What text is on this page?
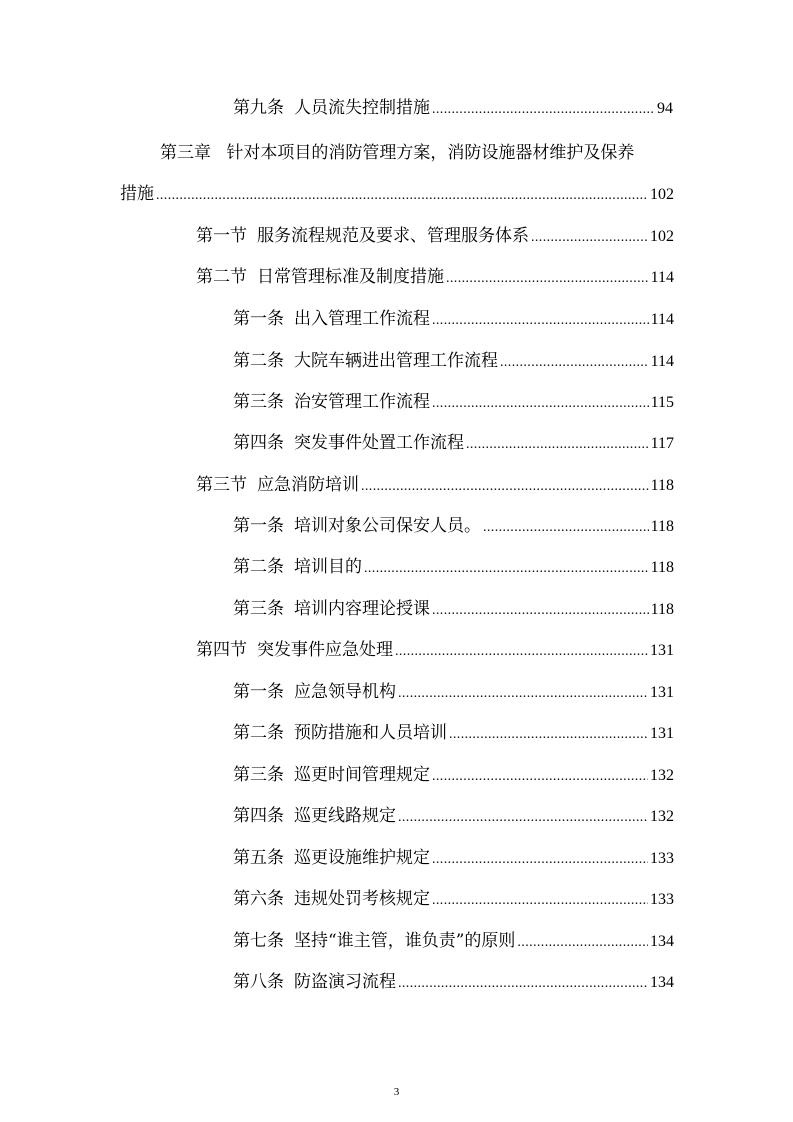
第九条 人员流失控制措施 .....	94
第三章 针对本项目的消防管理方案，消防设施器材维护及保养
措施 .....	102
第一节 服务流程规范及要求、管理服务体系 .....	102
第二节 日常管理标准及制度措施 .....	114
第一条 出入管理工作流程 .....	114
第二条 大院车辆进出管理工作流程 .....	114
第三条 治安管理工作流程 .....	115
第四条 突发事件处置工作流程 .....	117
第三节 应急消防培训 .....	118
第一条 培训对象公司保安人员。 .....	118
第二条 培训目的 .....	118
第三条 培训内容理论授课 .....	118
第四节 突发事件应急处理 .....	131
第一条 应急领导机构 .....	131
第二条 预防措施和人员培训 .....	131
第三条 巡更时间管理规定 .....	132
第四条 巡更线路规定 .....	132
第五条 巡更设施维护规定 .....	133
第六条 违规处罚考核规定 .....	133
第七条 坚持“谁主管，谁负责”的原则 .....	134
第八条 防盗演习流程 .....	134
3
